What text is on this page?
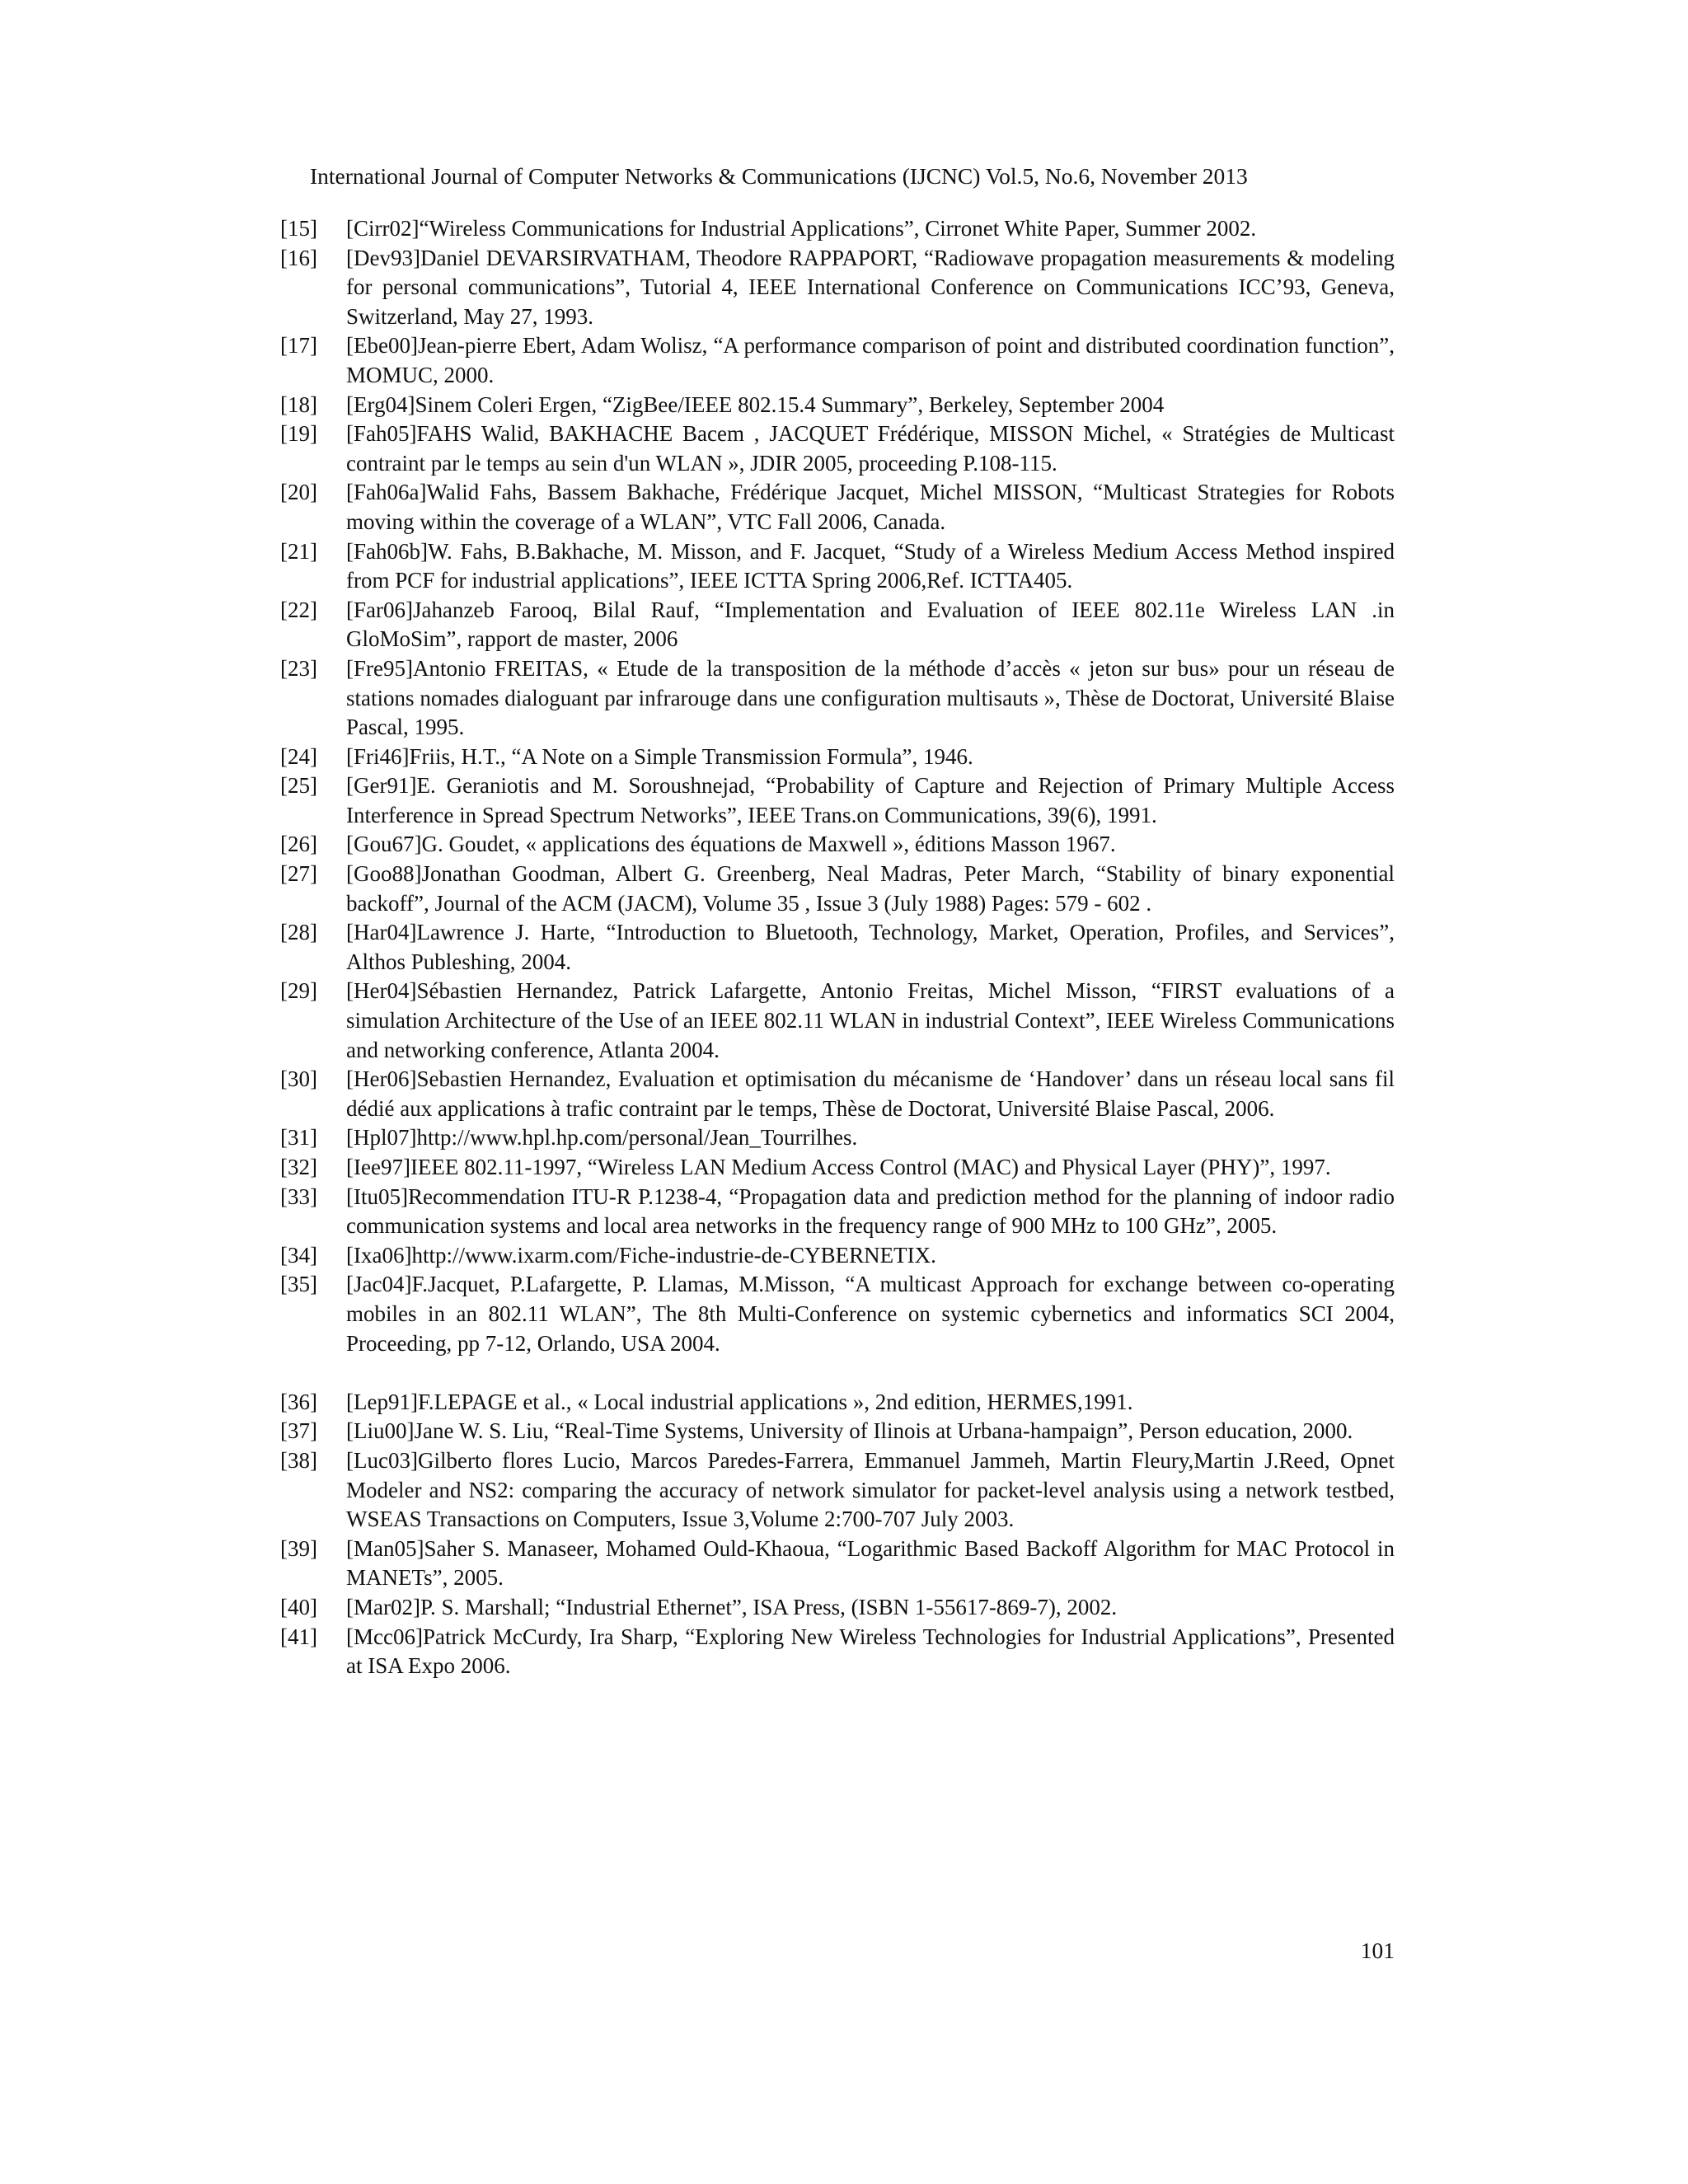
International Journal of Computer Networks & Communications (IJCNC) Vol.5, No.6, November 2013
[15]	[Cirr02]“Wireless Communications for Industrial Applications”, Cirronet White Paper, Summer 2002.
[16]	[Dev93]Daniel DEVARSIRVATHAM, Theodore RAPPAPORT, “Radiowave propagation measurements & modeling for personal communications”, Tutorial 4, IEEE International Conference on Communications ICC’93, Geneva, Switzerland, May 27, 1993.
[17]	[Ebe00]Jean-pierre Ebert, Adam Wolisz, “A performance comparison of point and distributed coordination function”, MOMUC, 2000.
[18]	[Erg04]Sinem Coleri Ergen, “ZigBee/IEEE 802.15.4 Summary”, Berkeley, September 2004
[19]	[Fah05]FAHS Walid, BAKHACHE Bacem , JACQUET Frédérique, MISSON Michel, « Stratégies de Multicast contraint par le temps au sein d'un WLAN », JDIR 2005, proceeding P.108-115.
[20]	[Fah06a]Walid Fahs, Bassem Bakhache, Frédérique Jacquet, Michel MISSON, “Multicast Strategies for Robots moving within the coverage of a WLAN”, VTC Fall 2006, Canada.
[21]	[Fah06b]W. Fahs, B.Bakhache, M. Misson, and F. Jacquet, “Study of a Wireless Medium Access Method inspired from PCF for industrial applications”, IEEE ICTTA Spring 2006,Ref. ICTTA405.
[22]	[Far06]Jahanzeb Farooq, Bilal Rauf, “Implementation and Evaluation of IEEE 802.11e Wireless LAN .in GloMoSim”, rapport de master, 2006
[23]	[Fre95]Antonio FREITAS, « Etude de la transposition de la méthode d’accès « jeton sur bus» pour un réseau de stations nomades dialoguant par infrarouge dans une configuration multisauts », Thèse de Doctorat, Université Blaise Pascal, 1995.
[24]	[Fri46]Friis, H.T., “A Note on a Simple Transmission Formula”, 1946.
[25]	[Ger91]E. Geraniotis and M. Soroushnejad, “Probability of Capture and Rejection of Primary Multiple Access Interference in Spread Spectrum Networks”, IEEE Trans.on Communications, 39(6), 1991.
[26]	[Gou67]G. Goudet, « applications des équations de Maxwell », éditions Masson 1967.
[27]	[Goo88]Jonathan Goodman, Albert G. Greenberg, Neal Madras, Peter March, “Stability of binary exponential backoff”, Journal of the ACM (JACM), Volume 35 , Issue 3 (July 1988) Pages: 579 - 602 .
[28]	[Har04]Lawrence J. Harte, “Introduction to Bluetooth, Technology, Market, Operation, Profiles, and Services”, Althos Publeshing, 2004.
[29]	[Her04]Sébastien Hernandez, Patrick Lafargette, Antonio Freitas, Michel Misson, “FIRST evaluations of a simulation Architecture of the Use of an IEEE 802.11 WLAN in industrial Context”, IEEE Wireless Communications and networking conference, Atlanta 2004.
[30]	[Her06]Sebastien Hernandez, Evaluation et optimisation du mécanisme de ‘Handover’ dans un réseau local sans fil dédié aux applications à trafic contraint par le temps, Thèse de Doctorat, Université Blaise Pascal, 2006.
[31]	[Hpl07]http://www.hpl.hp.com/personal/Jean_Tourrilhes.
[32]	[Iee97]IEEE 802.11-1997, “Wireless LAN Medium Access Control (MAC) and Physical Layer (PHY)”, 1997.
[33]	[Itu05]Recommendation ITU-R P.1238-4, “Propagation data and prediction method for the planning of indoor radio communication systems and local area networks in the frequency range of 900 MHz to 100 GHz”, 2005.
[34]	[Ixa06]http://www.ixarm.com/Fiche-industrie-de-CYBERNETIX.
[35]	[Jac04]F.Jacquet, P.Lafargette, P. Llamas, M.Misson, “A multicast Approach for exchange between co-operating mobiles in an 802.11 WLAN”, The 8th Multi-Conference on systemic cybernetics and informatics SCI 2004, Proceeding, pp 7-12, Orlando, USA 2004.
[36]	[Lep91]F.LEPAGE et al., « Local industrial applications », 2nd edition, HERMES,1991.
[37]	[Liu00]Jane W. S. Liu, “Real-Time Systems, University of Ilinois at Urbana-hampaign”, Person education, 2000.
[38]	[Luc03]Gilberto flores Lucio, Marcos Paredes-Farrera, Emmanuel Jammeh, Martin Fleury,Martin J.Reed, Opnet Modeler and NS2: comparing the accuracy of network simulator for packet-level analysis using a network testbed, WSEAS Transactions on Computers, Issue 3,Volume 2:700-707 July 2003.
[39]	[Man05]Saher S. Manaseer, Mohamed Ould-Khaoua, “Logarithmic Based Backoff Algorithm for MAC Protocol in MANETs”, 2005.
[40]	[Mar02]P. S. Marshall; “Industrial Ethernet”, ISA Press, (ISBN 1-55617-869-7), 2002.
[41]	[Mcc06]Patrick McCurdy, Ira Sharp, “Exploring New Wireless Technologies for Industrial Applications”, Presented at ISA Expo 2006.
101
